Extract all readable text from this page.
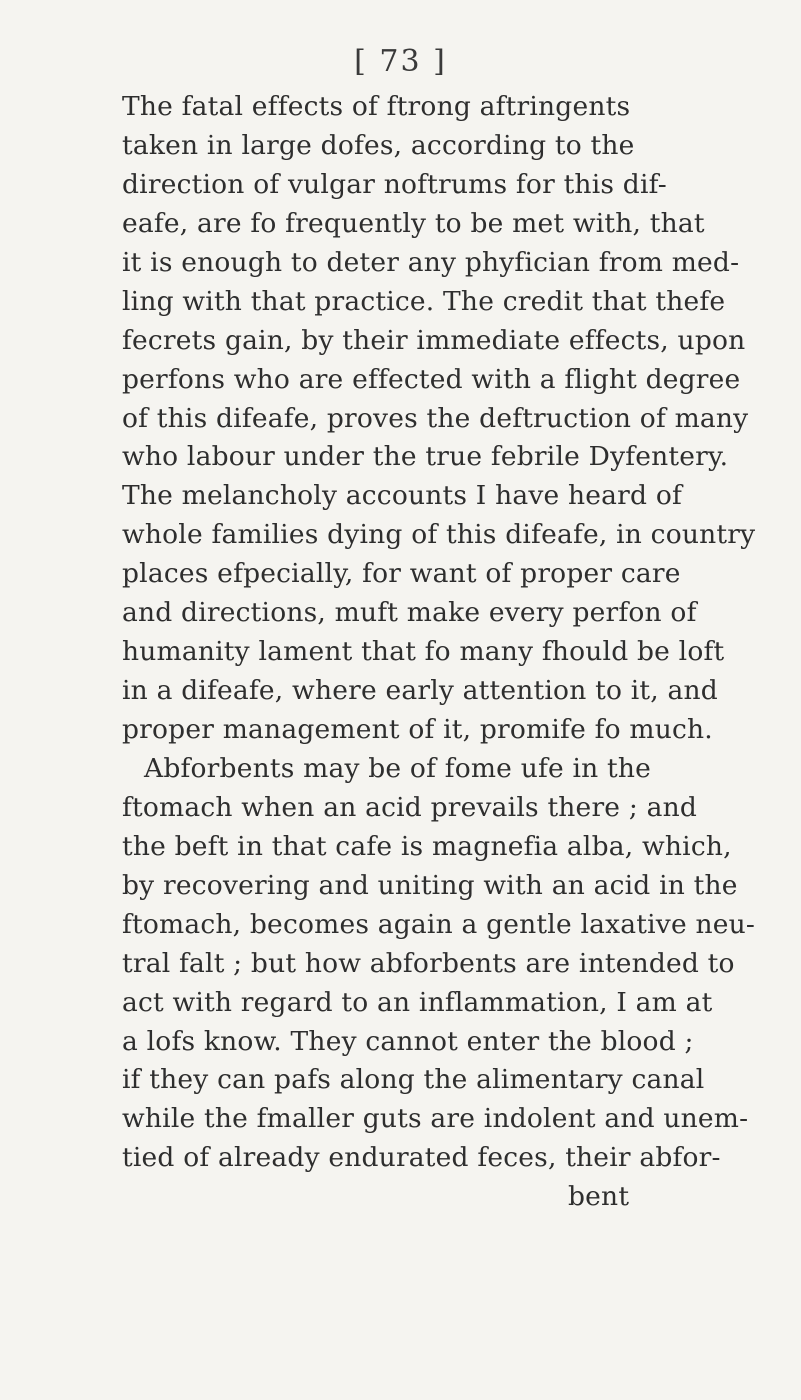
[ 73 ]
The fatal effects of ftrong aftringents
taken in large dofes, according to the
direction of vulgar noftrums for this dif-
eafe, are fo frequently to be met with, that
it is enough to deter any phyfician from med-
ling with that practice. The credit that thefe
fecrets gain, by their immediate effects, upon
perfons who are effected with a flight degree
of this difeafe, proves the deftruction of many
who labour under the true febrile Dyfentery.
The melancholy accounts I have heard of
whole families dying of this difeafe, in country
places efpecially, for want of proper care
and directions, muft make every perfon of
humanity lament that fo many fhould be loft
in a difeafe, where early attention to it, and
proper management of it, promife fo much.
Abforbents may be of fome ufe in the
ftomach when an acid prevails there ; and
the beft in that cafe is magnefia alba, which,
by recovering and uniting with an acid in the
ftomach, becomes again a gentle laxative neu-
tral falt ; but how abforbents are intended to
act with regard to an inflammation, I am at
a lofs know. They cannot enter the blood ;
if they can pafs along the alimentary canal
while the fmaller guts are indolent and unem-
tied of already endurated feces, their abfor-
bent
